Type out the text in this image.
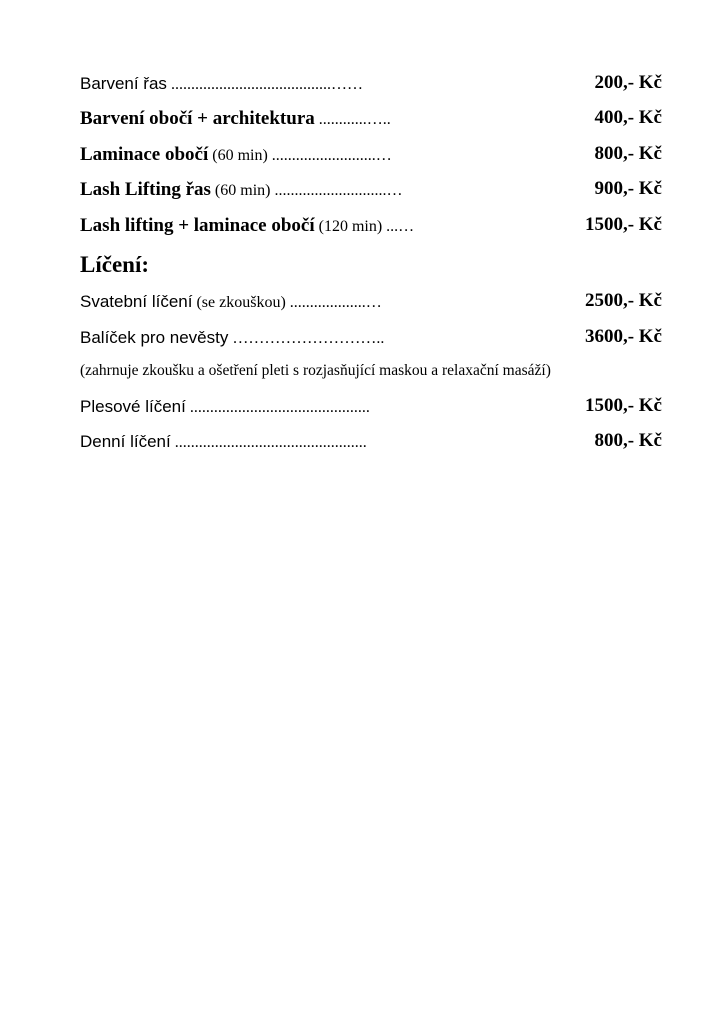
Barvení řas ........................................……	200,- Kč
Barvení obočí + architektura ............…..	400,- Kč
Laminace obočí (60 min) ..........................…	800,- Kč
Lash Lifting řas (60 min) ............................…	900,- Kč
Lash lifting + laminace obočí (120 min) ...…	1500,- Kč
Líčení:
Svatební líčení (se zkouškou) ...................…	2500,- Kč
Balíček pro nevěsty ………………………..	3600,- Kč
(zahrnuje zkoušku a ošetření pleti s rozjasňující maskou a relaxační masáží)
Plesové líčení .............................................	1500,- Kč
Denní líčení ................................................	800,- Kč
